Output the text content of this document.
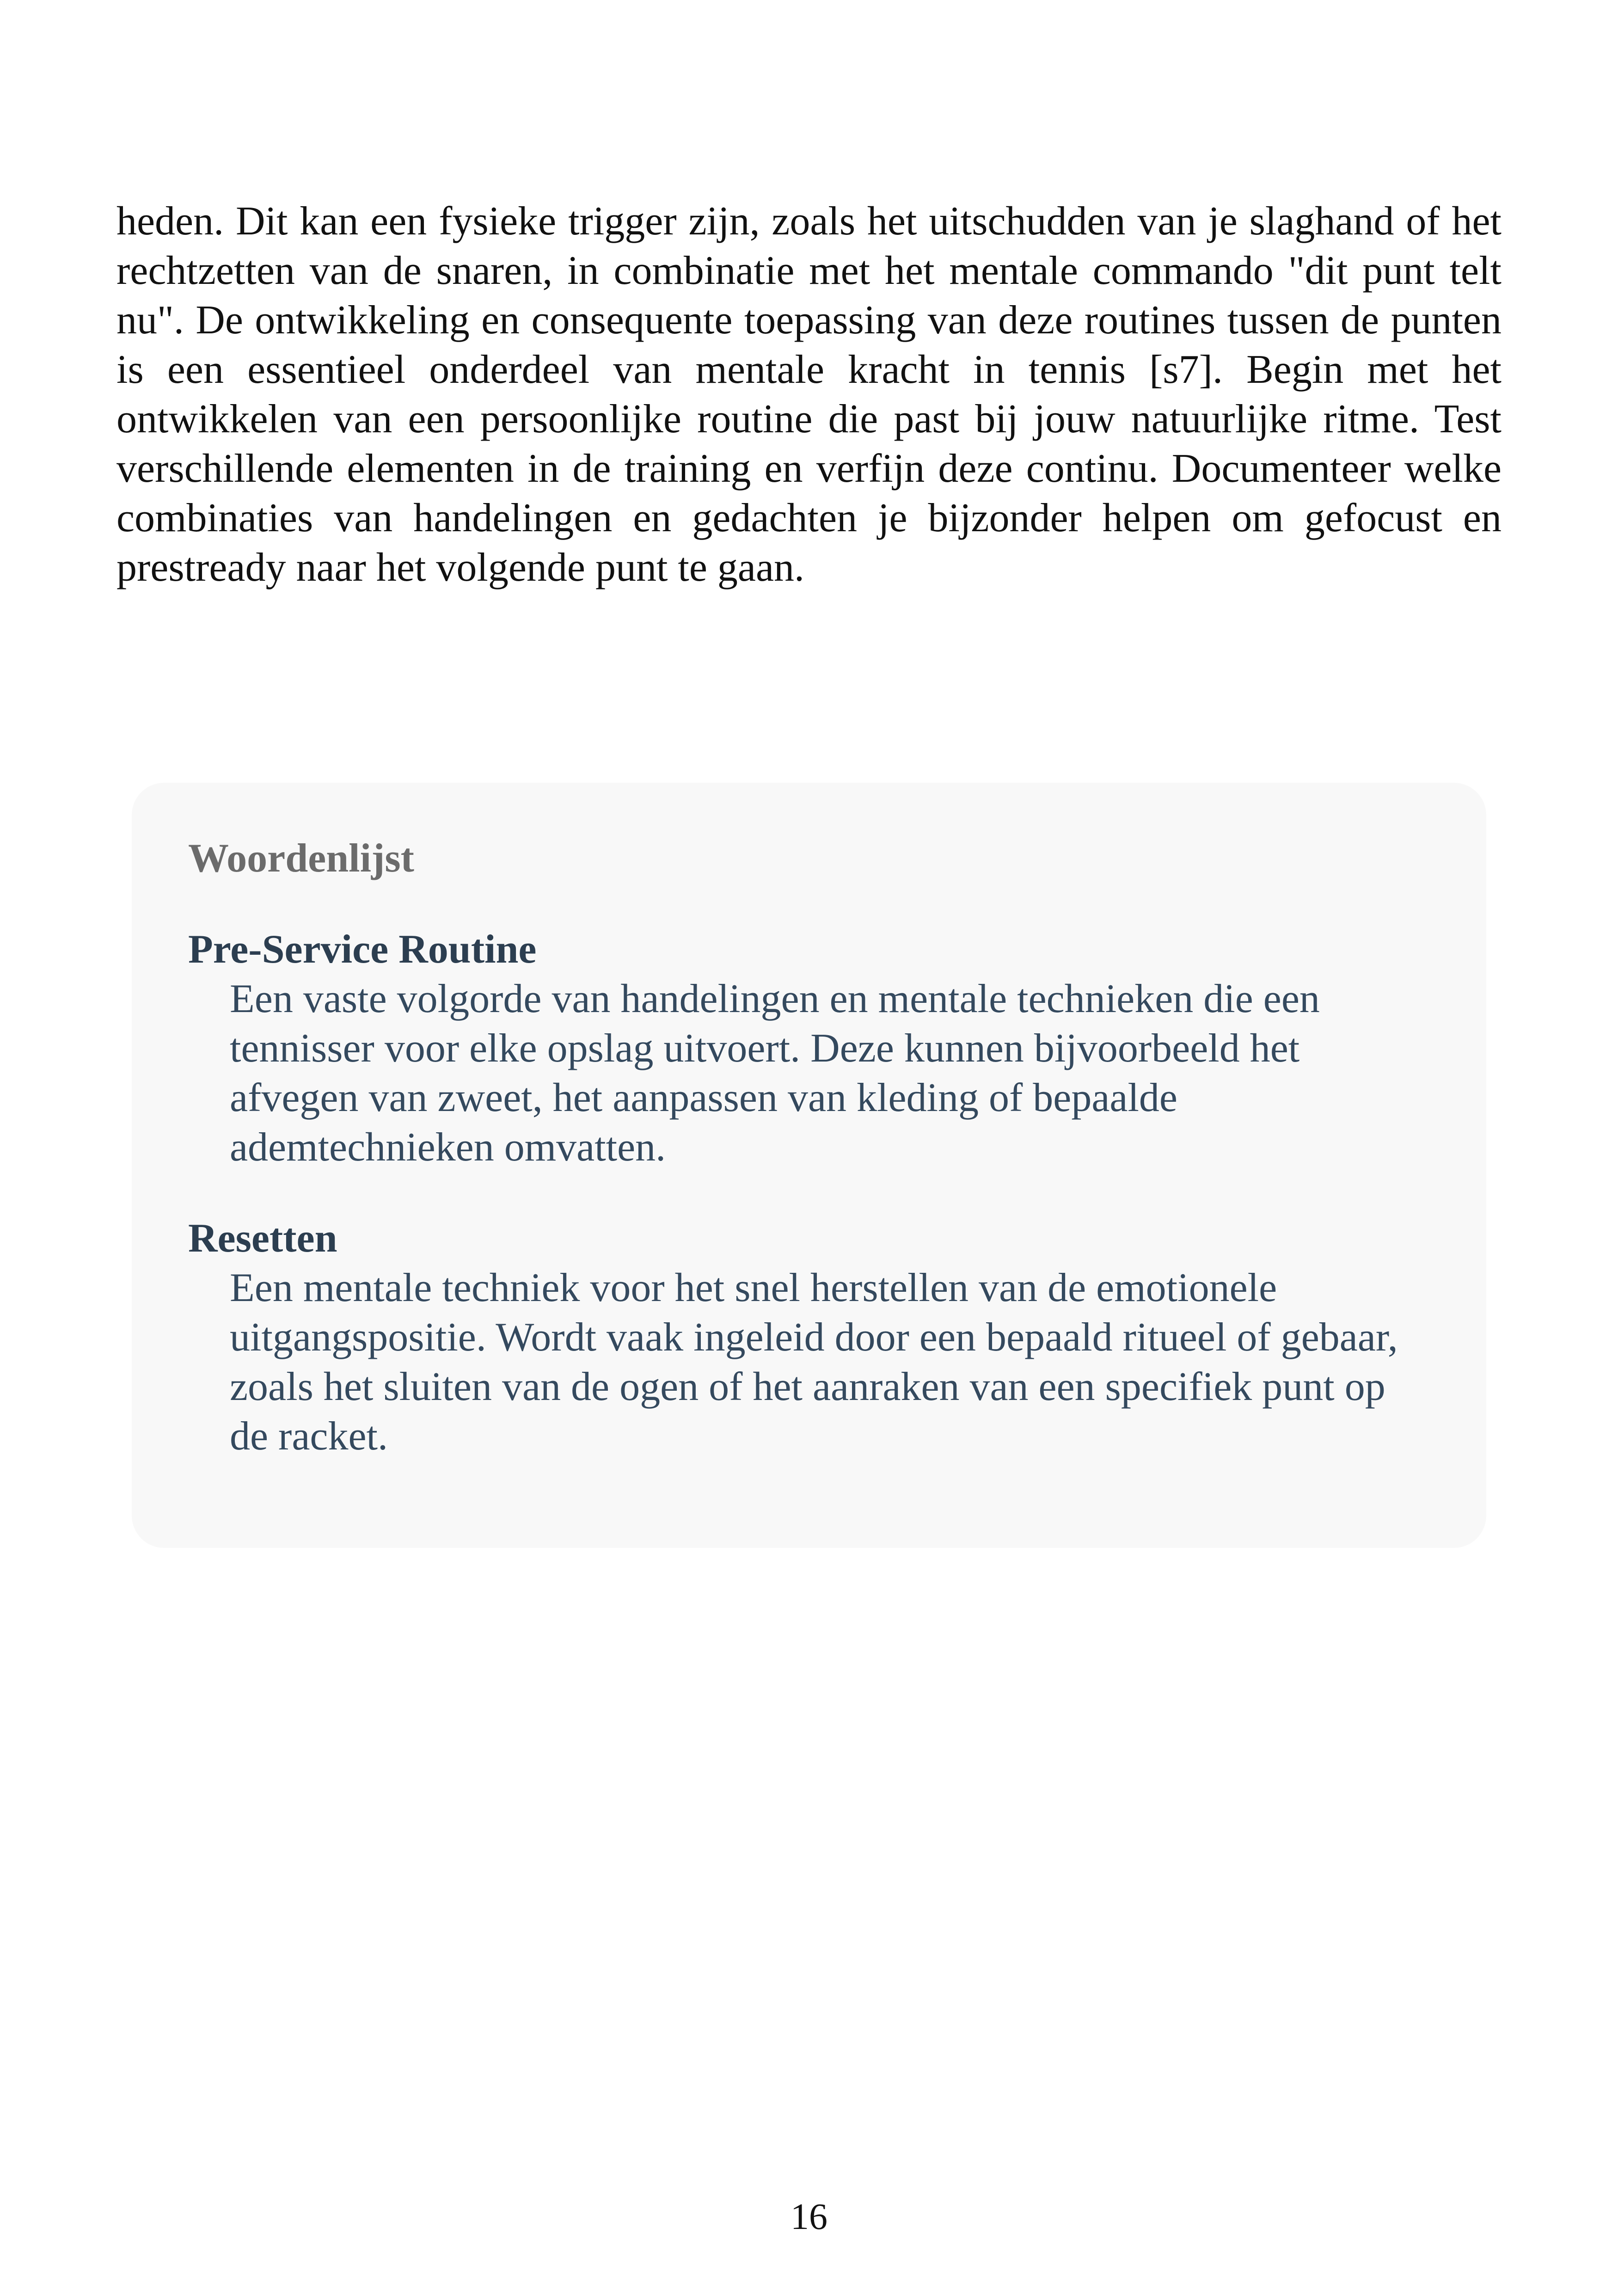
heden. Dit kan een fysieke trigger zijn, zoals het uitschudden van je slaghand of het rechtzetten van de snaren, in combinatie met het mentale commando "dit punt telt nu". De ontwikkeling en consequente toepassing van deze routines tussen de punten is een essentieel onderdeel van mentale kracht in tennis [s7]. Begin met het ontwikkelen van een persoonlijke routine die past bij jouw natuurlijke ritme. Test verschillende elementen in de training en verfijn deze continu. Documenteer welke combinaties van handelingen en gedachten je bijzonder helpen om gefocust en prestready naar het volgende punt te gaan.

Woordenlijst

Pre-Service Routine

Een vaste volgorde van handelingen en mentale technieken die een tennisser voor elke opslag uitvoert. Deze kunnen bijvoorbeeld het afvegen van zweet, het aanpassen van kleding of bepaalde ademtechnieken omvatten.

Resetten

Een mentale techniek voor het snel herstellen van de emotionele uitgangspositie. Wordt vaak ingeleid door een bepaald ritueel of gebaar, zoals het sluiten van de ogen of het aanraken van een specifiek punt op de racket.

16
